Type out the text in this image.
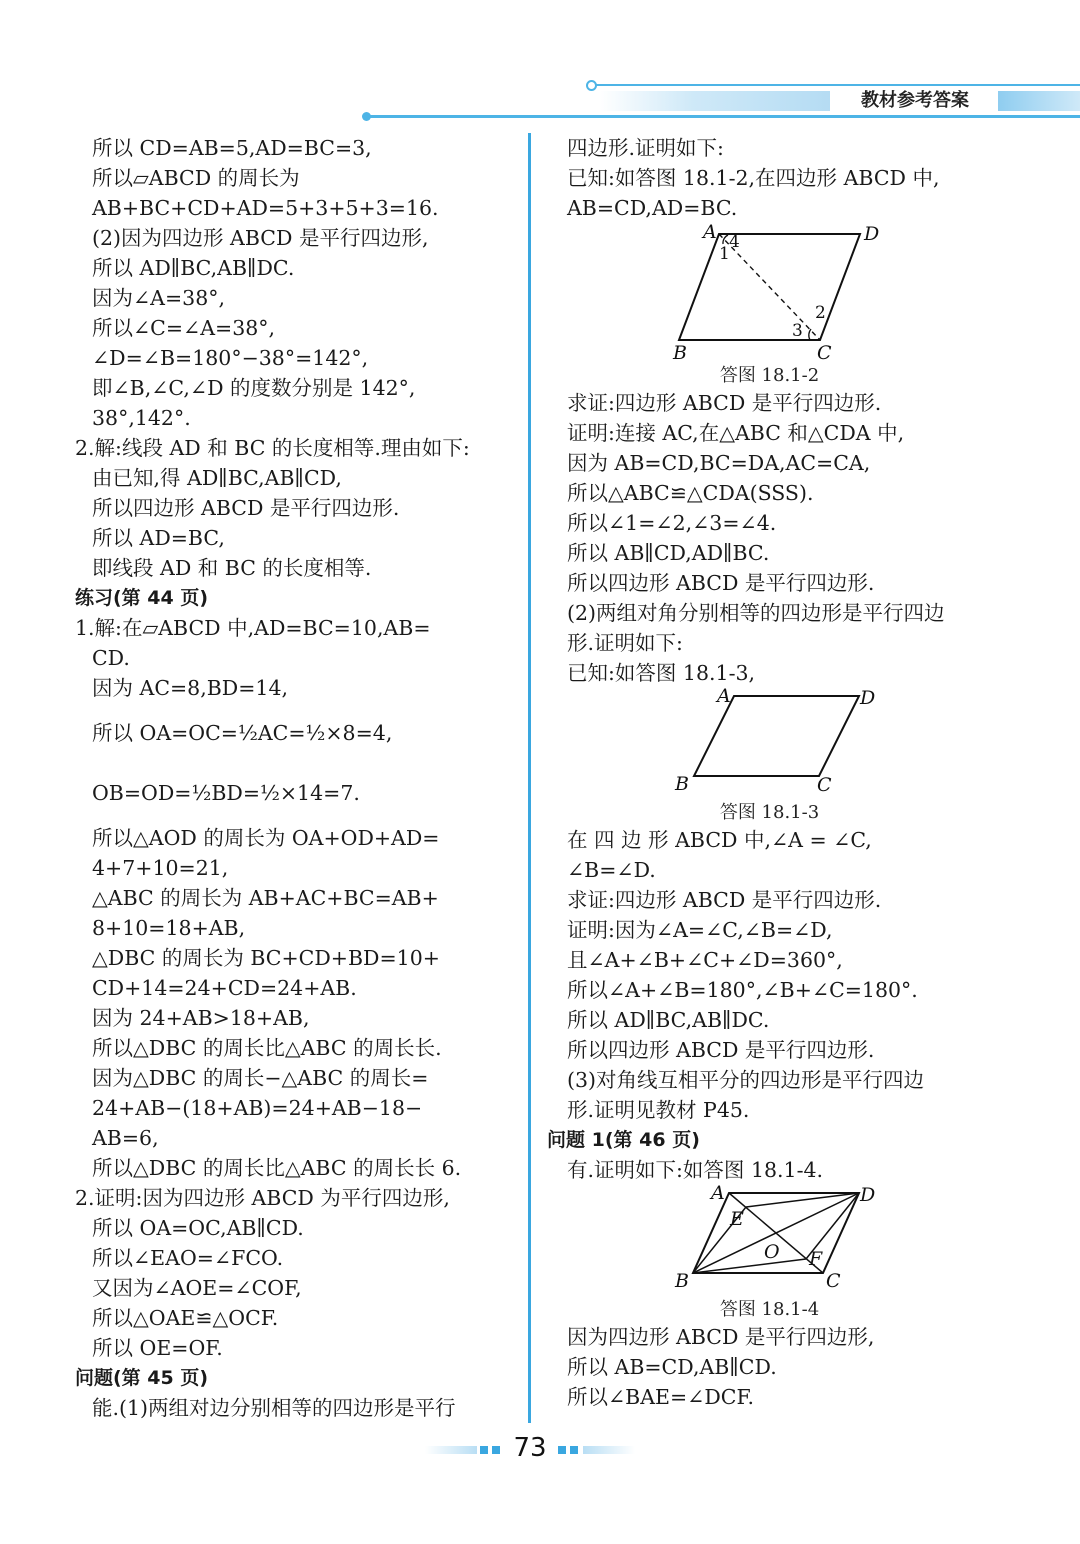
教材参考答案
所以 CD=AB=5,AD=BC=3,
所以▱ABCD 的周长为
AB+BC+CD+AD=5+3+5+3=16.
(2)因为四边形 ABCD 是平行四边形,
所以 AD∥BC,AB∥DC.
因为∠A=38°,
所以∠C=∠A=38°,
∠D=∠B=180°−38°=142°,
即∠B,∠C,∠D 的度数分别是 142°,
38°,142°.
2.解:线段 AD 和 BC 的长度相等.理由如下:
由已知,得 AD∥BC,AB∥CD,
所以四边形 ABCD 是平行四边形.
所以 AD=BC,
即线段 AD 和 BC 的长度相等.
练习(第 44 页)
1.解:在▱ABCD 中,AD=BC=10,AB=
CD.
因为 AC=8,BD=14,
所以 OA=OC=½AC=½×8=4,
OB=OD=½BD=½×14=7.
所以△AOD 的周长为 OA+OD+AD=
4+7+10=21,
△ABC 的周长为 AB+AC+BC=AB+
8+10=18+AB,
△DBC 的周长为 BC+CD+BD=10+
CD+14=24+CD=24+AB.
因为 24+AB>18+AB,
所以△DBC 的周长比△ABC 的周长长.
因为△DBC 的周长−△ABC 的周长=
24+AB−(18+AB)=24+AB−18−
AB=6,
所以△DBC 的周长比△ABC 的周长长 6.
2.证明:因为四边形 ABCD 为平行四边形,
所以 OA=OC,AB∥CD.
所以∠EAO=∠FCO.
又因为∠AOE=∠COF,
所以△OAE≌△OCF.
所以 OE=OF.
问题(第 45 页)
能.(1)两组对边分别相等的四边形是平行
四边形.证明如下:
已知:如答图 18.1-2,在四边形 ABCD 中,
AB=CD,AD=BC.
A	D
B	C
1
2
3
4
答图 18.1-2
求证:四边形 ABCD 是平行四边形.
证明:连接 AC,在△ABC 和△CDA 中,
因为 AB=CD,BC=DA,AC=CA,
所以△ABC≌△CDA(SSS).
所以∠1=∠2,∠3=∠4.
所以 AB∥CD,AD∥BC.
所以四边形 ABCD 是平行四边形.
(2)两组对角分别相等的四边形是平行四边
形.证明如下:
已知:如答图 18.1-3,
A	D
B	C
答图 18.1-3
在 四 边 形 ABCD 中,∠A = ∠C,
∠B=∠D.
求证:四边形 ABCD 是平行四边形.
证明:因为∠A=∠C,∠B=∠D,
且∠A+∠B+∠C+∠D=360°,
所以∠A+∠B=180°,∠B+∠C=180°.
所以 AD∥BC,AB∥DC.
所以四边形 ABCD 是平行四边形.
(3)对角线互相平分的四边形是平行四边
形.证明见教材 P45.
问题 1(第 46 页)
有.证明如下:如答图 18.1-4.
A	D
B	C
E
F
O
答图 18.1-4
因为四边形 ABCD 是平行四边形,
所以 AB=CD,AB∥CD.
所以∠BAE=∠DCF.
73
